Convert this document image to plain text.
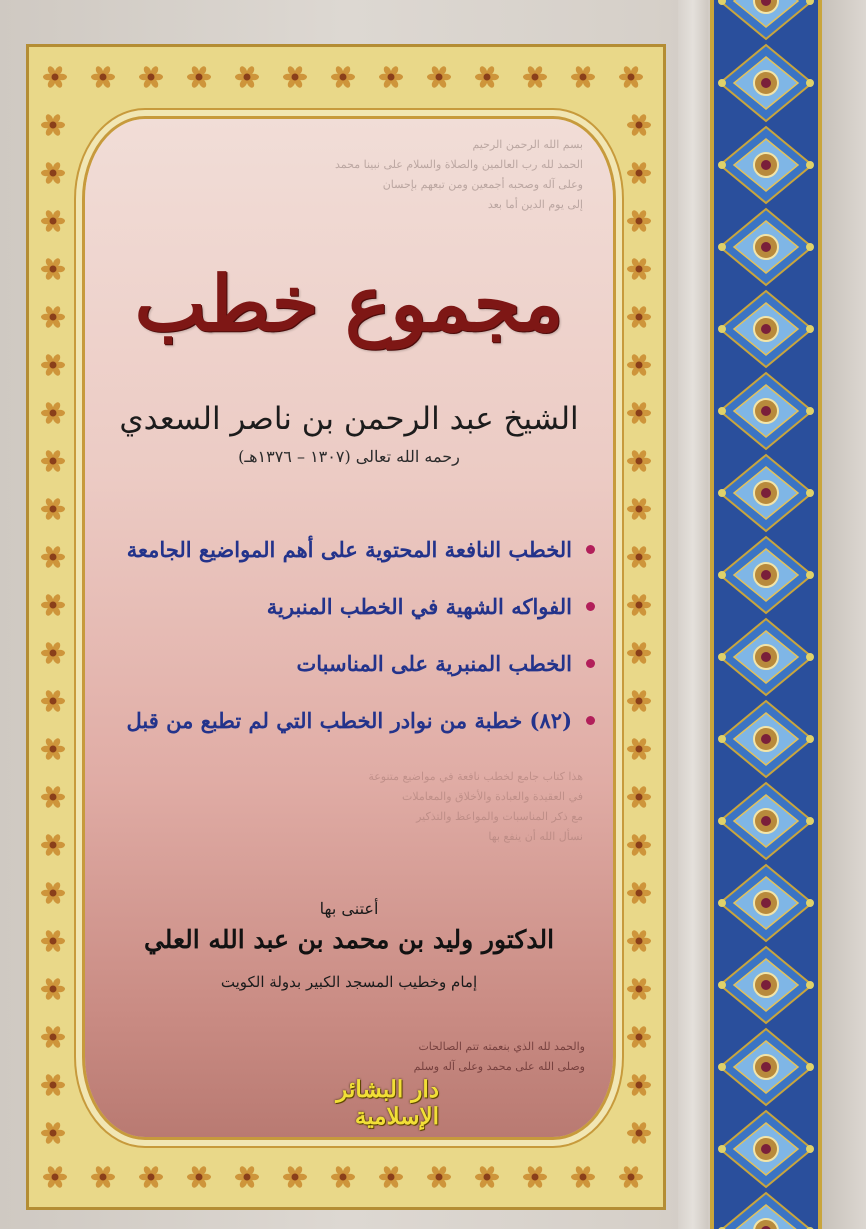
بسم الله الرحمن الرحيم
الحمد لله رب العالمين والصلاة والسلام على نبينا محمد
وعلى آله وصحبه أجمعين ومن تبعهم بإحسان
إلى يوم الدين أما بعد
مجموع خطب
الشيخ عبد الرحمن بن ناصر السعدي
رحمه الله تعالى (١٣٠٧ – ١٣٧٦هـ)
الخطب النافعة المحتوية على أهم المواضيع الجامعة
الفواكه الشهية في الخطب المنبرية
الخطب المنبرية على المناسبات
(٨٢) خطبة من نوادر الخطب التي لم تطبع من قبل
هذا كتاب جامع لخطب نافعة في مواضيع متنوعة
في العقيدة والعبادة والأخلاق والمعاملات
مع ذكر المناسبات والمواعظ والتذكير
نسأل الله أن ينفع بها
أعتنى بها
الدكتور وليد بن محمد بن عبد الله العلي
إمام وخطيب المسجد الكبير بدولة الكويت
والحمد لله الذي بنعمته تتم الصالحات
وصلى الله على محمد وعلى آله وسلم
دار البشائر الإسلامية
